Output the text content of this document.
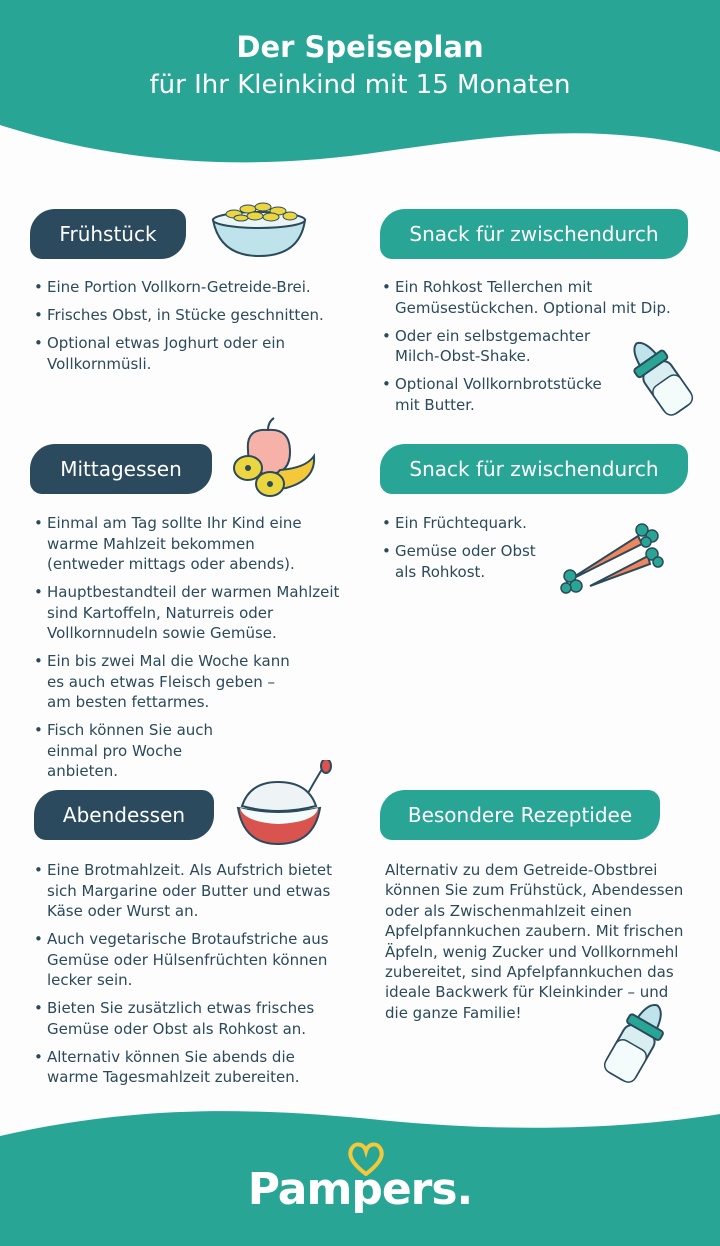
Der Speiseplan
für Ihr Kleinkind mit 15 Monaten
Frühstück
• Eine Portion Vollkorn-Getreide-Brei.
• Frisches Obst, in Stücke geschnitten.
• Optional etwas Joghurt oder ein Vollkornmüsli.
Snack für zwischendurch
• Ein Rohkost Tellerchen mit Gemüsestückchen. Optional mit Dip.
• Oder ein selbstgemachter Milch-Obst-Shake.
• Optional Vollkornbrotstücke mit Butter.
Mittagessen
• Einmal am Tag sollte Ihr Kind eine warme Mahlzeit bekommen (entweder mittags oder abends).
• Hauptbestandteil der warmen Mahlzeit sind Kartoffeln, Naturreis oder Vollkornnudeln sowie Gemüse.
• Ein bis zwei Mal die Woche kann es auch etwas Fleisch geben – am besten fettarmes.
• Fisch können Sie auch einmal pro Woche anbieten.
Snack für zwischendurch
• Ein Früchtequark.
• Gemüse oder Obst als Rohkost.
Abendessen
• Eine Brotmahlzeit. Als Aufstrich bietet sich Margarine oder Butter und etwas Käse oder Wurst an.
• Auch vegetarische Brotaufstriche aus Gemüse oder Hülsenfrüchten können lecker sein.
• Bieten Sie zusätzlich etwas frisches Gemüse oder Obst als Rohkost an.
• Alternativ können Sie abends die warme Tagesmahlzeit zubereiten.
Besondere Rezeptidee

Alternativ zu dem Getreide-Obstbrei können Sie zum Frühstück, Abendessen oder als Zwischenmahlzeit einen Apfelpfannkuchen zaubern. Mit frischen Äpfeln, wenig Zucker und Vollkornmehl zubereitet, sind Apfelpfannkuchen das ideale Backwerk für Kleinkinder – und die ganze Familie!

Pampers.
